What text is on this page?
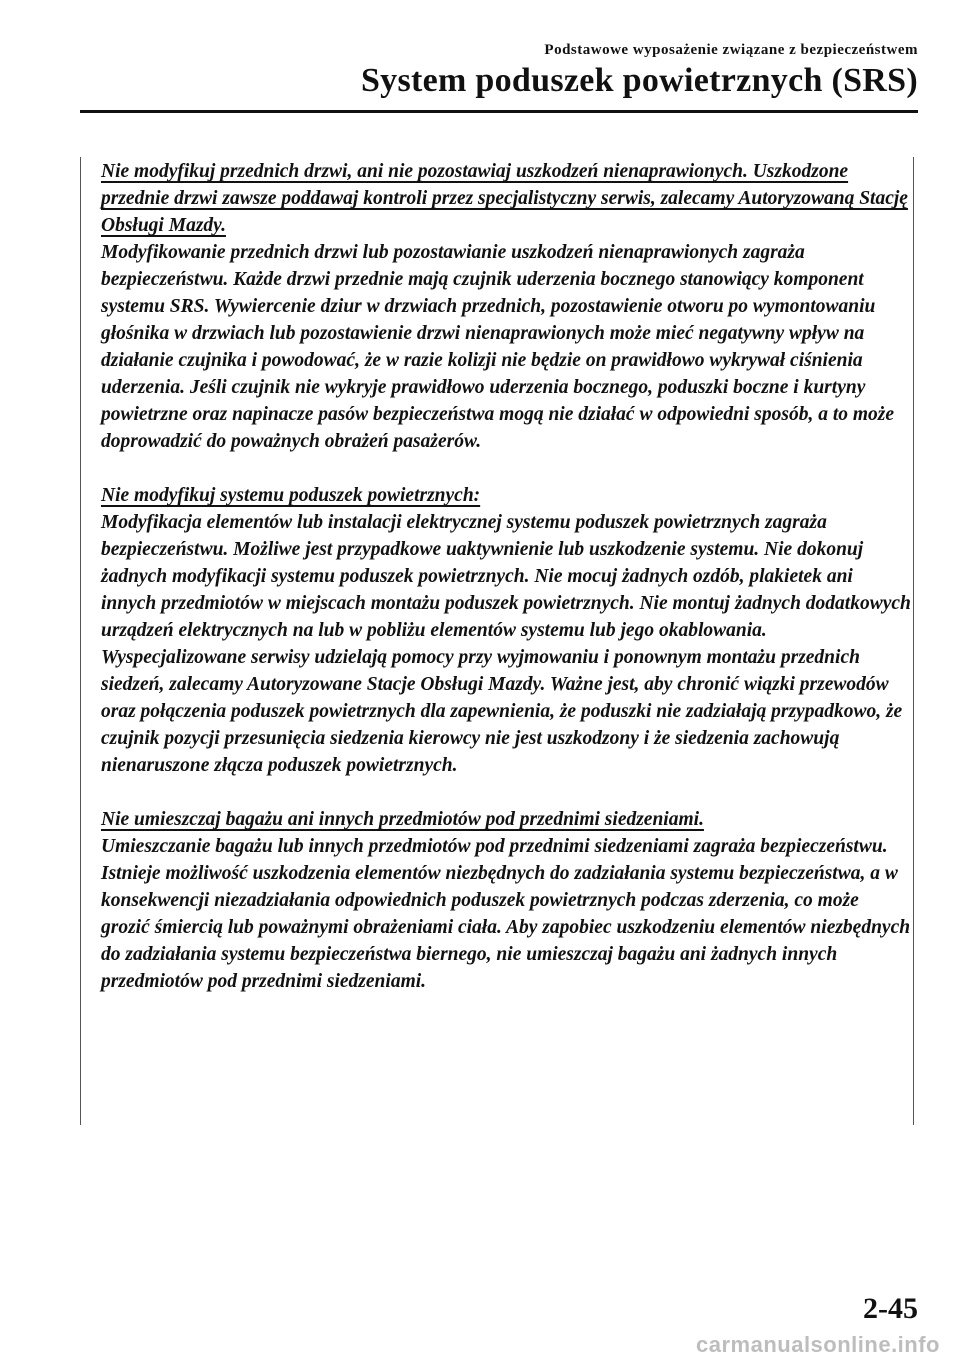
Podstawowe wyposażenie związane z bezpieczeństwem
System poduszek powietrznych (SRS)
Nie modyfikuj przednich drzwi, ani nie pozostawiaj uszkodzeń nienaprawionych. Uszkodzone przednie drzwi zawsze poddawaj kontroli przez specjalistyczny serwis, zalecamy Autoryzowaną Stację Obsługi Mazdy.

Modyfikowanie przednich drzwi lub pozostawianie uszkodzeń nienaprawionych zagraża bezpieczeństwu. Każde drzwi przednie mają czujnik uderzenia bocznego stanowiący komponent systemu SRS. Wywiercenie dziur w drzwiach przednich, pozostawienie otworu po wymontowaniu głośnika w drzwiach lub pozostawienie drzwi nienaprawionych może mieć negatywny wpływ na działanie czujnika i powodować, że w razie kolizji nie będzie on prawidłowo wykrywał ciśnienia uderzenia. Jeśli czujnik nie wykryje prawidłowo uderzenia bocznego, poduszki boczne i kurtyny powietrzne oraz napinacze pasów bezpieczeństwa mogą nie działać w odpowiedni sposób, a to może doprowadzić do poważnych obrażeń pasażerów.

Nie modyfikuj systemu poduszek powietrznych:

Modyfikacja elementów lub instalacji elektrycznej systemu poduszek powietrznych zagraża bezpieczeństwu. Możliwe jest przypadkowe uaktywnienie lub uszkodzenie systemu. Nie dokonuj żadnych modyfikacji systemu poduszek powietrznych. Nie mocuj żadnych ozdób, plakietek ani innych przedmiotów w miejscach montażu poduszek powietrznych. Nie montuj żadnych dodatkowych urządzeń elektrycznych na lub w pobliżu elementów systemu lub jego okablowania. Wyspecjalizowane serwisy udzielają pomocy przy wyjmowaniu i ponownym montażu przednich siedzeń, zalecamy Autoryzowane Stacje Obsługi Mazdy. Ważne jest, aby chronić wiązki przewodów oraz połączenia poduszek powietrznych dla zapewnienia, że poduszki nie zadziałają przypadkowo, że czujnik pozycji przesunięcia siedzenia kierowcy nie jest uszkodzony i że siedzenia zachowują nienaruszone złącza poduszek powietrznych.

Nie umieszczaj bagażu ani innych przedmiotów pod przednimi siedzeniami.

Umieszczanie bagażu lub innych przedmiotów pod przednimi siedzeniami zagraża bezpieczeństwu. Istnieje możliwość uszkodzenia elementów niezbędnych do zadziałania systemu bezpieczeństwa, a w konsekwencji niezadziałania odpowiednich poduszek powietrznych podczas zderzenia, co może grozić śmiercią lub poważnymi obrażeniami ciała. Aby zapobiec uszkodzeniu elementów niezbędnych do zadziałania systemu bezpieczeństwa biernego, nie umieszczaj bagażu ani żadnych innych przedmiotów pod przednimi siedzeniami.

2-45
carmanualsonline.info
